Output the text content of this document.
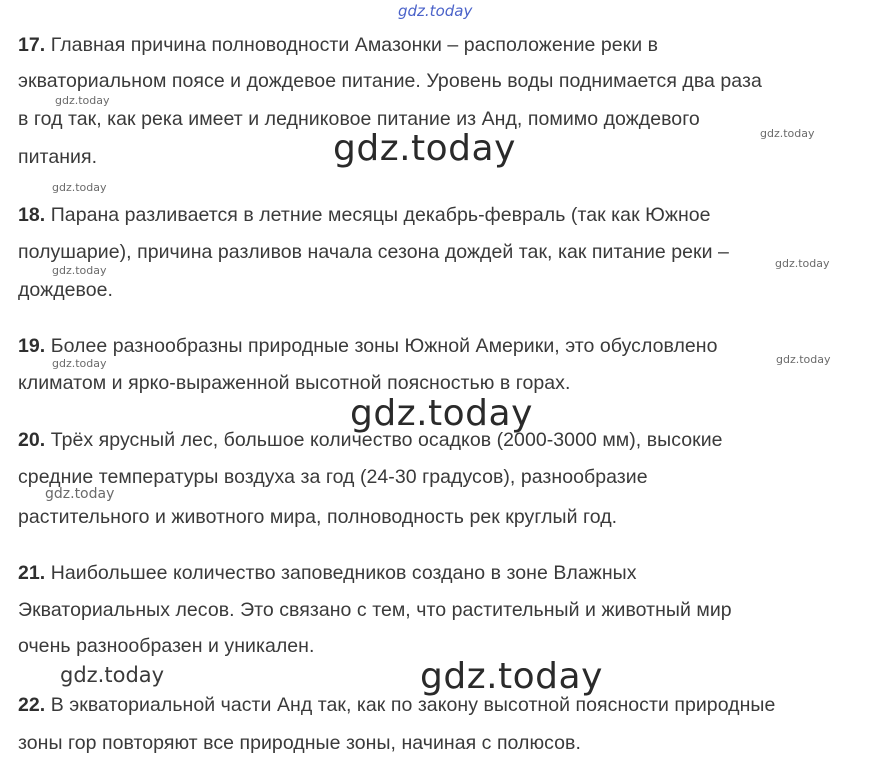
gdz.today
gdz.today
gdz.today
gdz.today
gdz.today
gdz.today
gdz.today	gdz.today
gdz.today
gdz.today
gdz.today
gdz.today
gdz.today
17. Главная причина полноводности Амазонки – расположение реки в
экваториальном поясе и дождевое питание. Уровень воды поднимается два раза
в год так, как река имеет и ледниковое питание из Анд, помимо дождевого
питания.
18. Парана разливается в летние месяцы декабрь-февраль (так как Южное
полушарие), причина разливов начала сезона дождей так, как питание реки –
дождевое.
19. Более разнообразны природные зоны Южной Америки, это обусловлено
климатом и ярко-выраженной высотной поясностью в горах.
20. Трёх ярусный лес, большое количество осадков (2000-3000 мм), высокие
средние температуры воздуха за год (24-30 градусов), разнообразие
растительного и животного мира, полноводность рек круглый год.
21. Наибольшее количество заповедников создано в зоне Влажных
Экваториальных лесов. Это связано с тем, что растительный и животный мир
очень разнообразен и уникален.
22. В экваториальной части Анд так, как по закону высотной поясности природные
зоны гор повторяют все природные зоны, начиная с полюсов.
